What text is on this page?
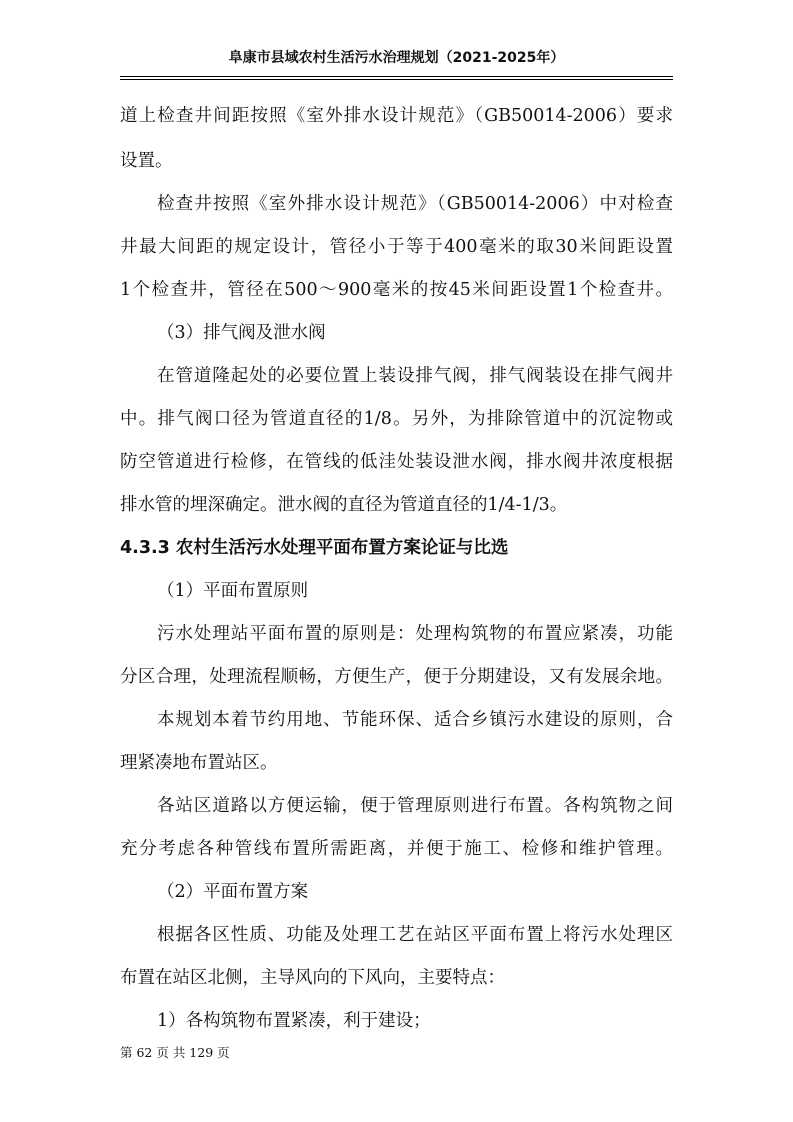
阜康市县域农村生活污水治理规划（2021-2025年）
道上检查井间距按照《室外排水设计规范》（GB50014-2006）要求
设置。
检查井按照《室外排水设计规范》（GB50014-2006）中对检查
井最大间距的规定设计，管径小于等于400毫米的取30米间距设置
1个检查井，管径在500～900毫米的按45米间距设置1个检查井。
（3）排气阀及泄水阀
在管道隆起处的必要位置上装设排气阀，排气阀装设在排气阀井
中。排气阀口径为管道直径的1/8。另外，为排除管道中的沉淀物或
防空管道进行检修，在管线的低洼处装设泄水阀，排水阀井浓度根据
排水管的埋深确定。泄水阀的直径为管道直径的1/4-1/3。
4.3.3 农村生活污水处理平面布置方案论证与比选
（1）平面布置原则
污水处理站平面布置的原则是：处理构筑物的布置应紧凑，功能
分区合理，处理流程顺畅，方便生产，便于分期建设，又有发展余地。
本规划本着节约用地、节能环保、适合乡镇污水建设的原则，合
理紧凑地布置站区。
各站区道路以方便运输，便于管理原则进行布置。各构筑物之间
充分考虑各种管线布置所需距离，并便于施工、检修和维护管理。
（2）平面布置方案
根据各区性质、功能及处理工艺在站区平面布置上将污水处理区
布置在站区北侧，主导风向的下风向，主要特点：
1）各构筑物布置紧凑，利于建设；
第 62 页 共 129 页
